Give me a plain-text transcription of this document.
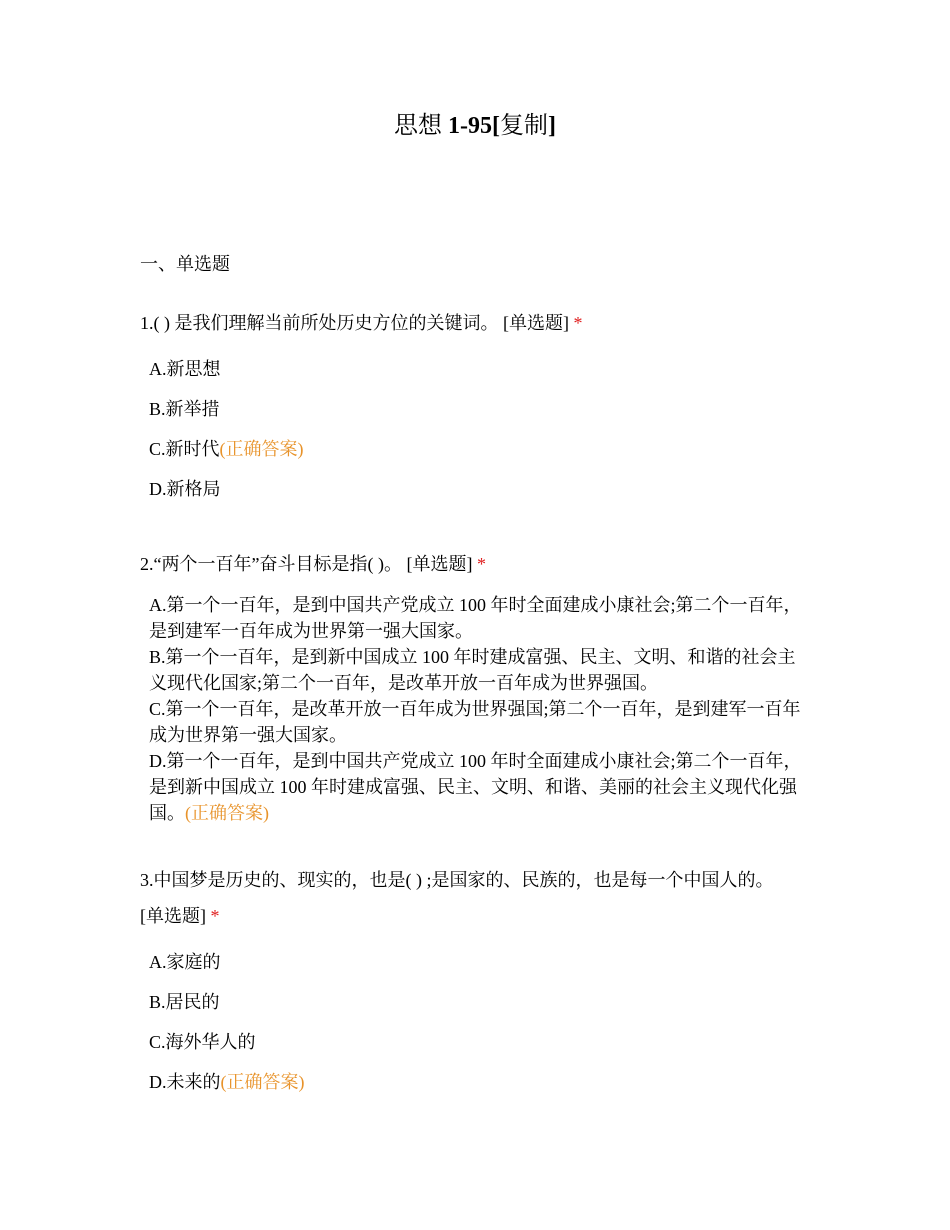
思想 1-95[复制]
一、单选题
1.( ) 是我们理解当前所处历史方位的关键词。 [单选题] *
A.新思想
B.新举措
C.新时代(正确答案)
D.新格局
2.“两个一百年”奋斗目标是指( )。 [单选题] *
A.第一个一百年，是到中国共产党成立 100 年时全面建成小康社会;第二个一百年，是到建军一百年成为世界第一强大国家。
B.第一个一百年，是到新中国成立 100 年时建成富强、民主、文明、和谐的社会主义现代化国家;第二个一百年，是改革开放一百年成为世界强国。
C.第一个一百年，是改革开放一百年成为世界强国;第二个一百年，是到建军一百年成为世界第一强大国家。
D.第一个一百年，是到中国共产党成立 100 年时全面建成小康社会;第二个一百年，是到新中国成立 100 年时建成富强、民主、文明、和谐、美丽的社会主义现代化强国。(正确答案)
3.中国梦是历史的、现实的，也是( ) ;是国家的、民族的，也是每一个中国人的。
[单选题] *
A.家庭的
B.居民的
C.海外华人的
D.未来的(正确答案)
